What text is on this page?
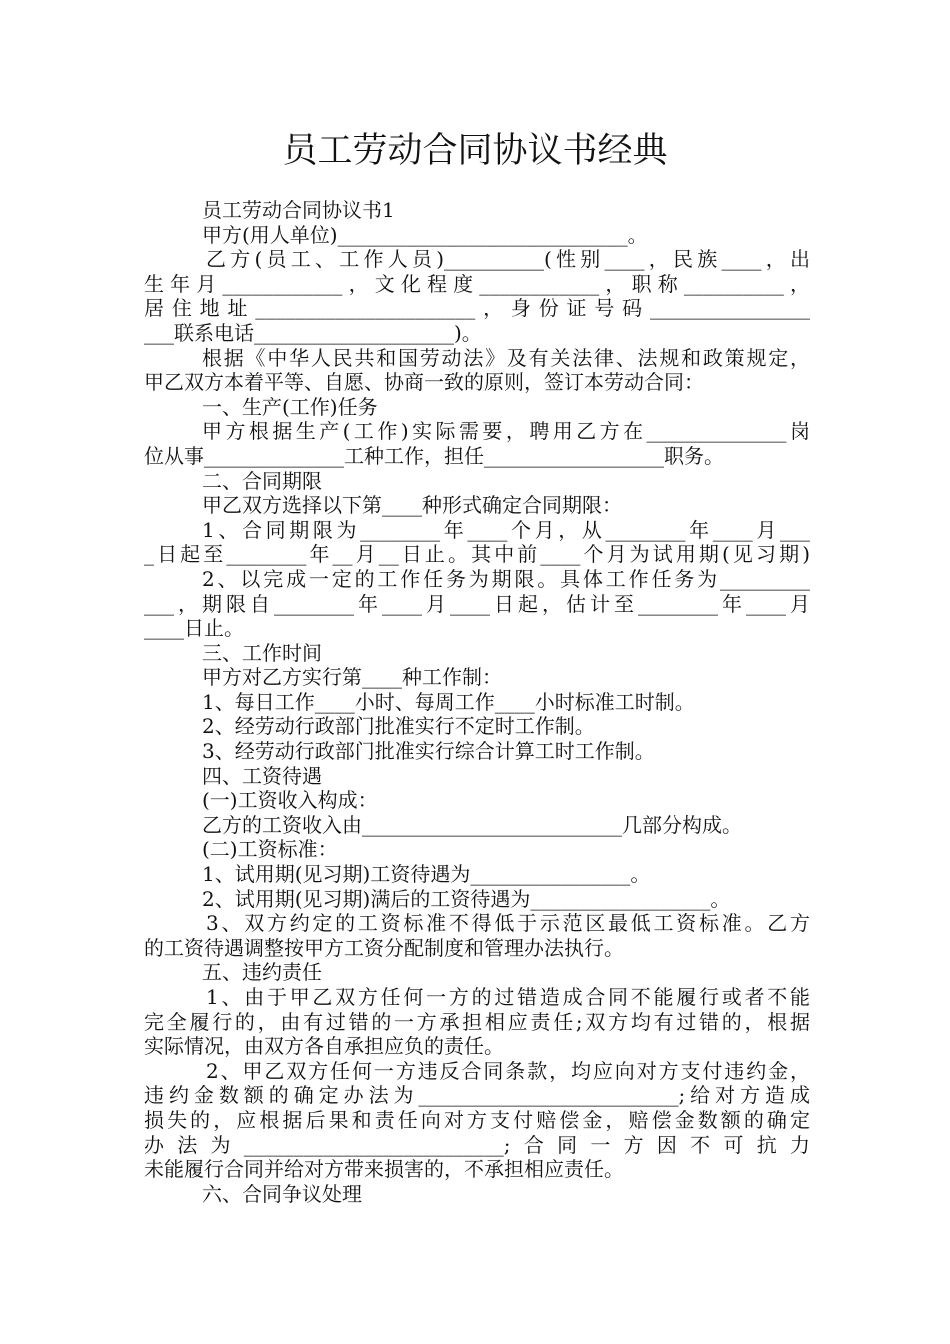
员工劳动合同协议书经典
员工劳动合同协议书1
甲方(用人单位)_____________________________。
乙方(员工、工作人员)__________(性别____，民族____，出
生年月____________，文化程度____________，职称__________，
居住地址______________________，身份证号码________________
___联系电话____________________)。
根据《中华人民共和国劳动法》及有关法律、法规和政策规定，
甲乙双方本着平等、自愿、协商一致的原则，签订本劳动合同：
一、生产(工作)任务
甲方根据生产(工作)实际需要，聘用乙方在______________岗
位从事______________工种工作，担任__________________职务。
二、合同期限
甲乙双方选择以下第____种形式确定合同期限：
1、合同期限为________年____个月，从________年____月___
_日起至________年__月__日止。其中前____个月为试用期(见习期)
2、以完成一定的工作任务为期限。具体工作任务为_________
___，期限自________年____月____日起，估计至________年____月
____日止。
三、工作时间
甲方对乙方实行第____种工作制：
1、每日工作____小时、每周工作____小时标准工时制。
2、经劳动行政部门批准实行不定时工作制。
3、经劳动行政部门批准实行综合计算工时工作制。
四、工资待遇
(一)工资收入构成：
乙方的工资收入由__________________________几部分构成。
(二)工资标准：
1、试用期(见习期)工资待遇为________________。
2、试用期(见习期)满后的工资待遇为__________________。
3、双方约定的工资标准不得低于示范区最低工资标准。乙方
的工资待遇调整按甲方工资分配制度和管理办法执行。
五、违约责任
1、由于甲乙双方任何一方的过错造成合同不能履行或者不能
完全履行的，由有过错的一方承担相应责任;双方均有过错的，根据
实际情况，由双方各自承担应负的责任。
2、甲乙双方任何一方违反合同条款，均应向对方支付违约金，
违约金数额的确定办法为__________________________;给对方造成
损失的，应根据后果和责任向对方支付赔偿金，赔偿金数额的确定
办法为__________________________;合同一方因不可抗力
未能履行合同并给对方带来损害的，不承担相应责任。
六、合同争议处理
